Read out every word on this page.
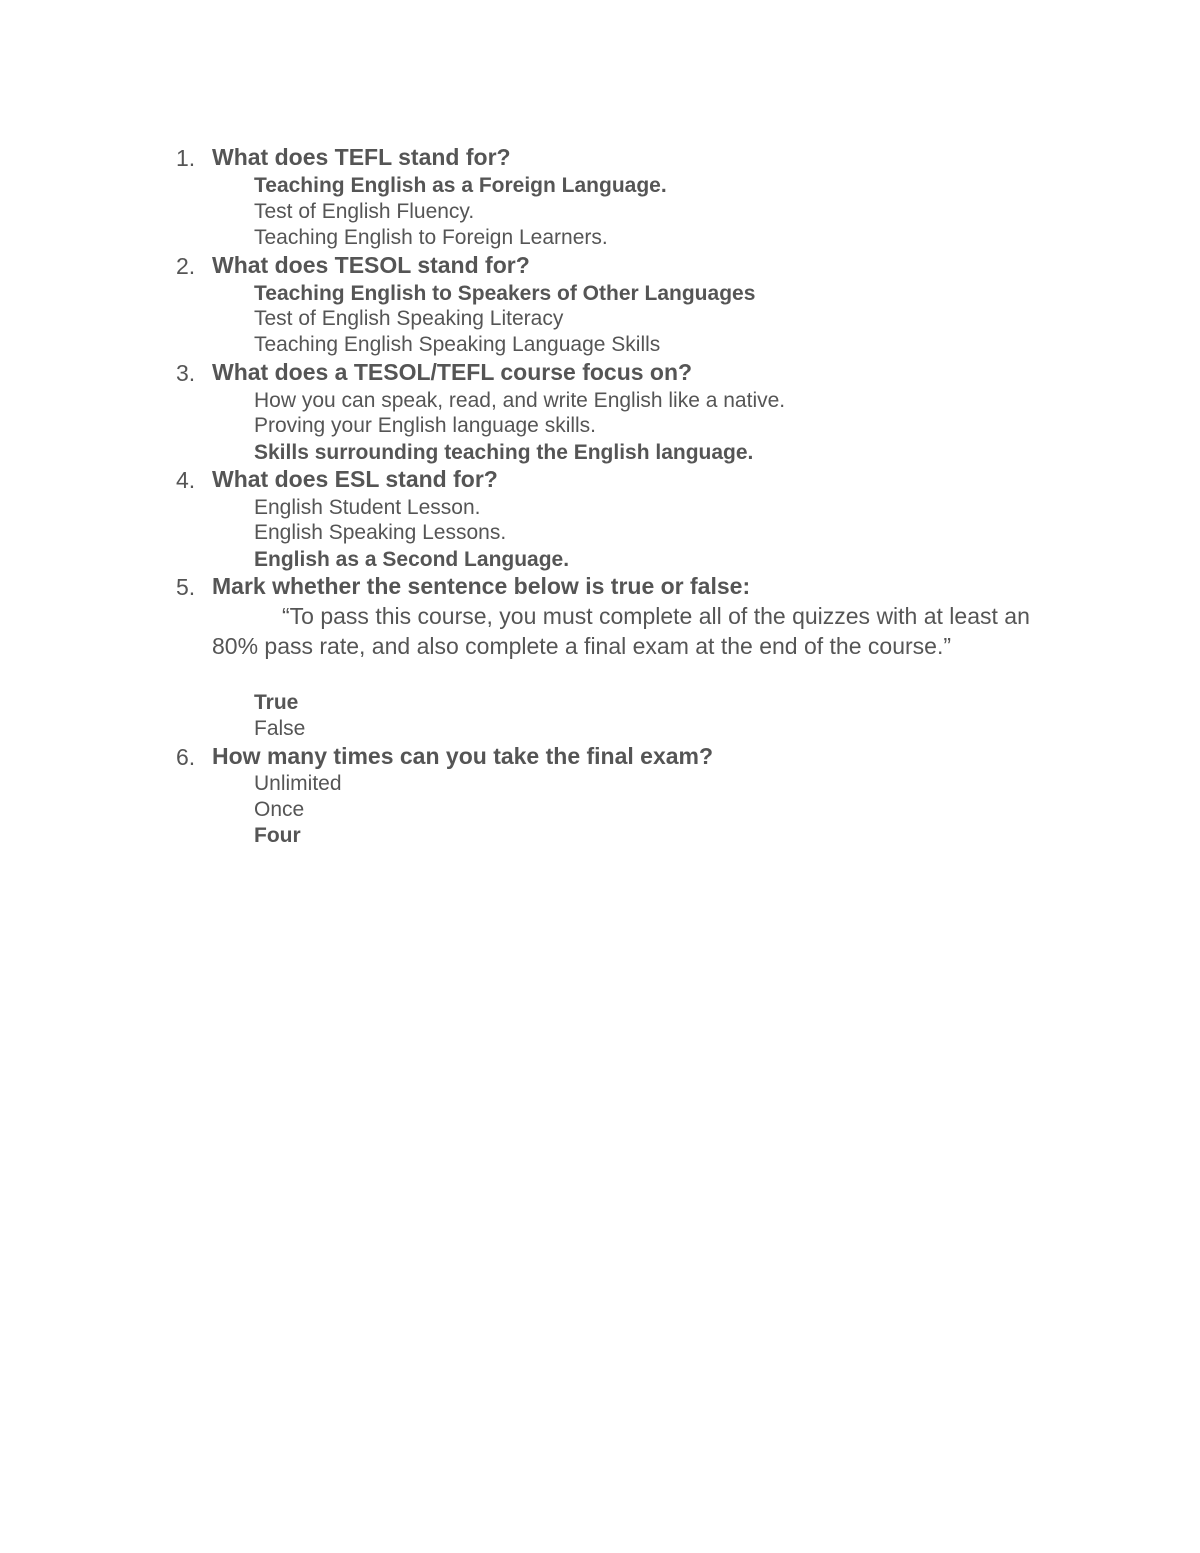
1. What does TEFL stand for?
Teaching English as a Foreign Language.
Test of English Fluency.
Teaching English to Foreign Learners.
2. What does TESOL stand for?
Teaching English to Speakers of Other Languages
Test of English Speaking Literacy
Teaching English Speaking Language Skills
3. What does a TESOL/TEFL course focus on?
How you can speak, read, and write English like a native.
Proving your English language skills.
Skills surrounding teaching the English language.
4. What does ESL stand for?
English Student Lesson.
English Speaking Lessons.
English as a Second Language.
5. Mark whether the sentence below is true or false:
“To pass this course, you must complete all of the quizzes with at least an 80% pass rate, and also complete a final exam at the end of the course.”
True
False
6. How many times can you take the final exam?
Unlimited
Once
Four
